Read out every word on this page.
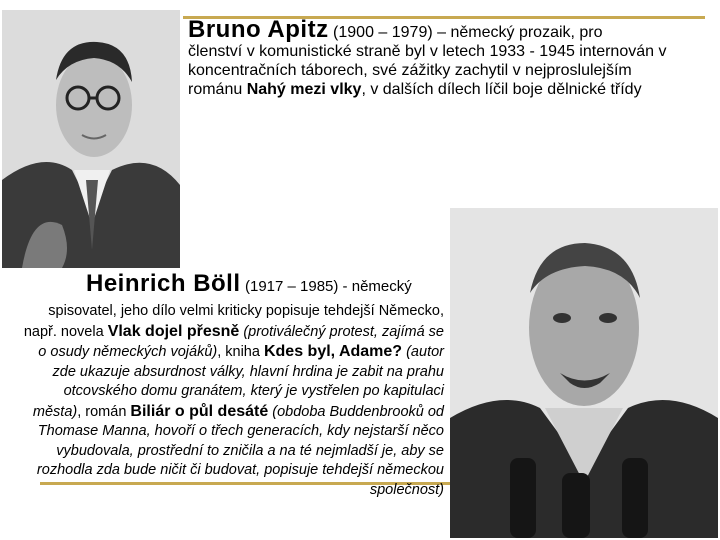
Bruno Apitz (1900 – 1979) – německý prozaik, pro
členství v komunistické straně byl v letech 1933 - 1945 internován v koncentračních táborech, své zážitky zachytil v nejproslulejším románu Nahý mezi vlky, v dalších dílech líčil boje dělnické třídy
Heinrich Böll (1917 – 1985) - německý
spisovatel, jeho dílo velmi kriticky popisuje tehdejší Německo, např. novela Vlak dojel přesně (protiválečný protest, zajímá se o osudy německých vojáků), kniha Kdes byl, Adame? (autor zde ukazuje absurdnost války, hlavní hrdina je zabit na prahu otcovského domu granátem, který je vystřelen po kapitulaci města), román Biliár o půl desáté (obdoba Buddenbrooků od Thomase Manna, hovoří o třech generacích, kdy nejstarší něco vybudovala, prostřední to zničila a na té nejmladší je, aby se rozhodla zda bude ničit či budovat, popisuje tehdejší německou společnost)
